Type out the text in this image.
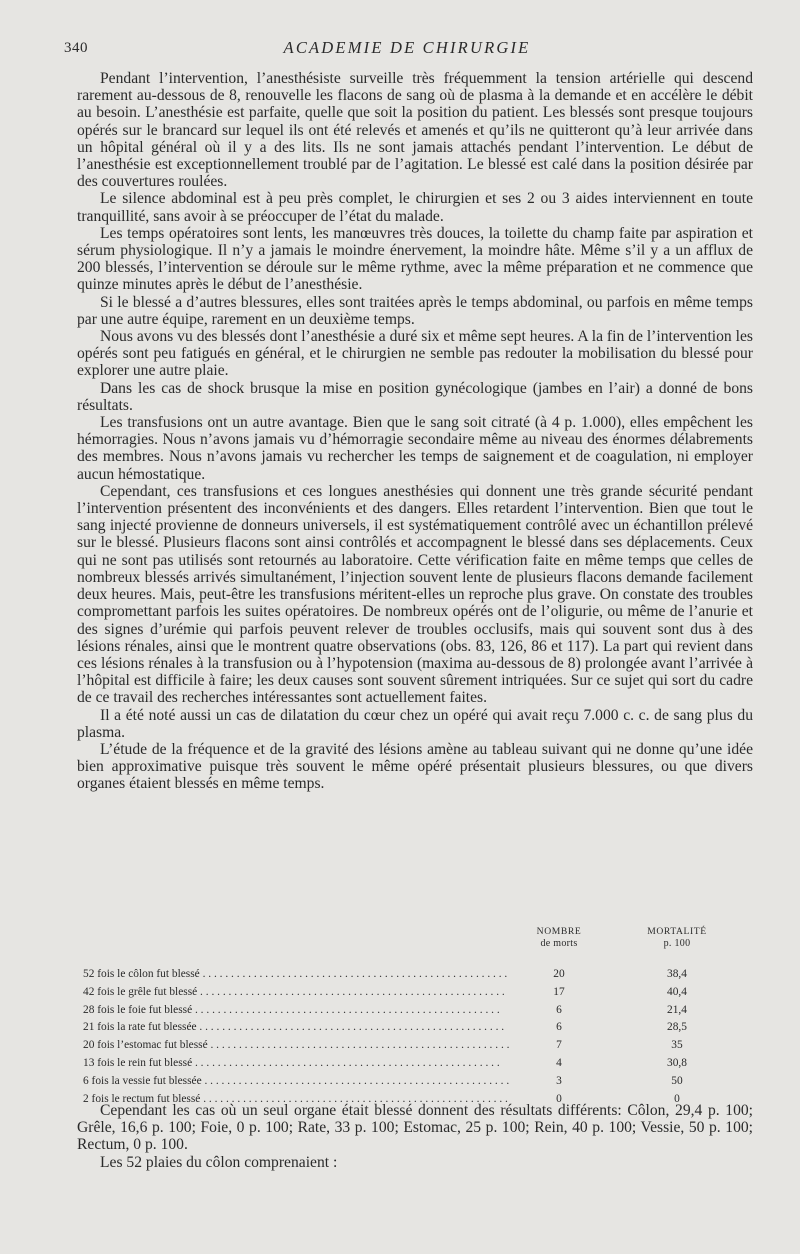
340	ACADEMIE DE CHIRURGIE

Pendant l’intervention, l’anesthésiste surveille très fréquemment la tension artérielle qui descend rarement au-dessous de 8, renouvelle les flacons de sang où de plasma à la demande et en accélère le débit au besoin. L’anesthésie est parfaite, quelle que soit la position du patient. Les blessés sont presque toujours opérés sur le brancard sur lequel ils ont été relevés et amenés et qu’ils ne quitteront qu’à leur arrivée dans un hôpital général où il y a des lits. Ils ne sont jamais attachés pendant l’intervention. Le début de l’anesthésie est exceptionnellement troublé par de l’agitation. Le blessé est calé dans la position désirée par des couvertures roulées.

Le silence abdominal est à peu près complet, le chirurgien et ses 2 ou 3 aides interviennent en toute tranquillité, sans avoir à se préoccuper de l’état du malade.

Les temps opératoires sont lents, les manœuvres très douces, la toilette du champ faite par aspiration et sérum physiologique. Il n’y a jamais le moindre énervement, la moindre hâte. Même s’il y a un afflux de 200 blessés, l’intervention se déroule sur le même rythme, avec la même préparation et ne commence que quinze minutes après le début de l’anesthésie.

Si le blessé a d’autres blessures, elles sont traitées après le temps abdominal, ou parfois en même temps par une autre équipe, rarement en un deuxième temps.

Nous avons vu des blessés dont l’anesthésie a duré six et même sept heures. A la fin de l’intervention les opérés sont peu fatigués en général, et le chirurgien ne semble pas redouter la mobilisation du blessé pour explorer une autre plaie.

Dans les cas de shock brusque la mise en position gynécologique (jambes en l’air) a donné de bons résultats.

Les transfusions ont un autre avantage. Bien que le sang soit citraté (à 4 p. 1.000), elles empêchent les hémorragies. Nous n’avons jamais vu d’hémorragie secondaire même au niveau des énormes délabrements des membres. Nous n’avons jamais vu rechercher les temps de saignement et de coagulation, ni employer aucun hémostatique.

Cependant, ces transfusions et ces longues anesthésies qui donnent une très grande sécurité pendant l’intervention présentent des inconvénients et des dangers. Elles retardent l’intervention. Bien que tout le sang injecté provienne de donneurs universels, il est systématiquement contrôlé avec un échantillon prélevé sur le blessé. Plusieurs flacons sont ainsi contrôlés et accompagnent le blessé dans ses déplacements. Ceux qui ne sont pas utilisés sont retournés au laboratoire. Cette vérification faite en même temps que celles de nombreux blessés arrivés simultanément, l’injection souvent lente de plusieurs flacons demande facilement deux heures. Mais, peut-être les transfusions méritent-elles un reproche plus grave. On constate des troubles compromettant parfois les suites opératoires. De nombreux opérés ont de l’oligurie, ou même de l’anurie et des signes d’urémie qui parfois peuvent relever de troubles occlusifs, mais qui souvent sont dus à des lésions rénales, ainsi que le montrent quatre observations (obs. 83, 126, 86 et 117). La part qui revient dans ces lésions rénales à la transfusion ou à l’hypotension (maxima au-dessous de 8) prolongée avant l’arrivée à l’hôpital est difficile à faire; les deux causes sont souvent sûrement intriquées. Sur ce sujet qui sort du cadre de ce travail des recherches intéressantes sont actuellement faites.

Il a été noté aussi un cas de dilatation du cœur chez un opéré qui avait reçu 7.000 c. c. de sang plus du plasma.

L’étude de la fréquence et de la gravité des lésions amène au tableau suivant qui ne donne qu’une idée bien approximative puisque très souvent le même opéré présentait plusieurs blessures, ou que divers organes étaient blessés en même temps.

NOMBRE
de morts
MORTALITÉ
p. 100
52 fois le côlon fut blessé . . .	20	38,4
42 fois le grêle fut blessé . . .	17	40,4
28 fois le foie fut blessé . . .	6	21,4
21 fois la rate fut blessée . . .	6	28,5
20 fois l’estomac fut blessé . . .	7	35
13 fois le rein fut blessé . . .	4	30,8
6 fois la vessie fut blessée . . .	3	50
2 fois le rectum fut blessé . . .	0	0

Cependant les cas où un seul organe était blessé donnent des résultats différents: Côlon, 29,4 p. 100; Grêle, 16,6 p. 100; Foie, 0 p. 100; Rate, 33 p. 100; Estomac, 25 p. 100; Rein, 40 p. 100; Vessie, 50 p. 100; Rectum, 0 p. 100.

Les 52 plaies du côlon comprenaient :
